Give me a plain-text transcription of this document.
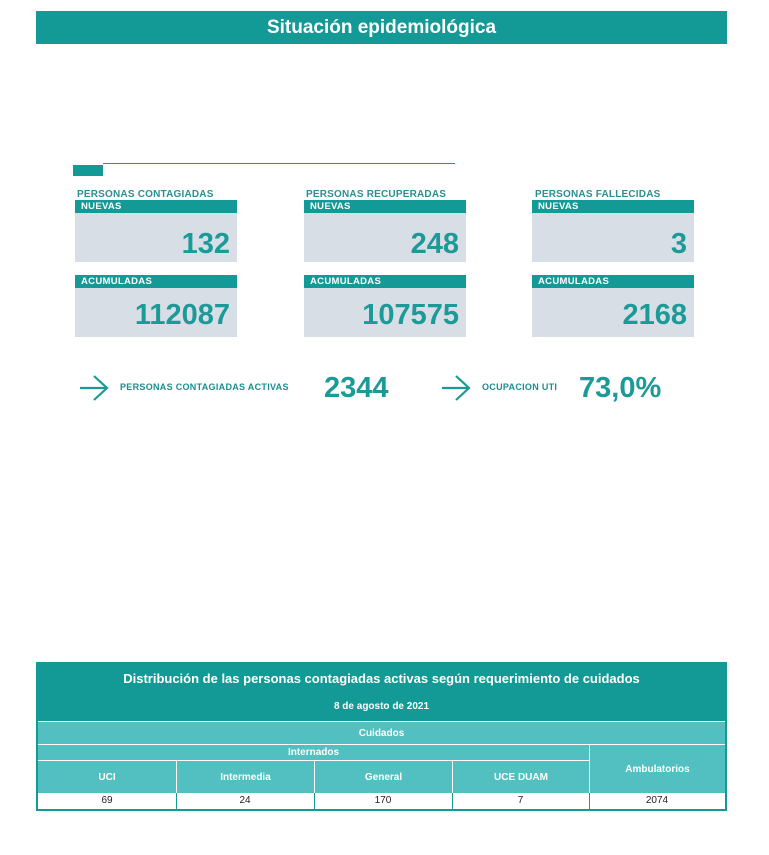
Situación epidemiológica
PERSONAS CONTAGIADAS
NUEVAS
132
ACUMULADAS
112087
PERSONAS RECUPERADAS
NUEVAS
248
ACUMULADAS
107575
PERSONAS FALLECIDAS
NUEVAS
3
ACUMULADAS
2168
PERSONAS CONTAGIADAS ACTIVAS 2344	OCUPACION UTI 73,0%
Distribución de las personas contagiadas activas según requerimiento de cuidados
8 de agosto de 2021
Cuidados
Internados
Ambulatorios
UCI	Intermedia	General	UCE DUAM
69	24	170	7	2074
